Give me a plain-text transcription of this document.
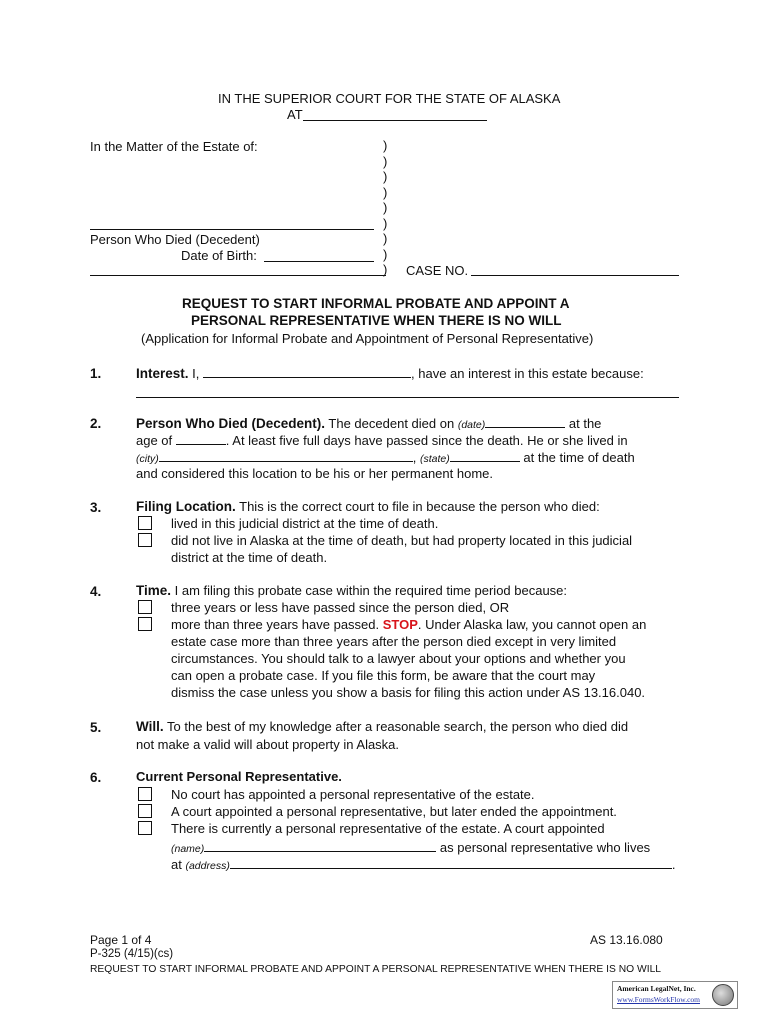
IN THE SUPERIOR COURT FOR THE STATE OF ALASKA
AT
In the Matter of the Estate of:
Person Who Died (Decedent)
Date of Birth:
)
)
)
)
)
)
)
)
) CASE NO.
REQUEST TO START INFORMAL PROBATE AND APPOINT A
PERSONAL REPRESENTATIVE WHEN THERE IS NO WILL
(Application for Informal Probate and Appointment of Personal Representative)
1.	Interest. I,	, have an interest in this estate because:
2.	Person Who Died (Decedent). The decedent died on (date)	at the
age of	. At least five full days have passed since the death. He or she lived in
(city)	, (state)	at the time of death
and considered this location to be his or her permanent home.
3.	Filing Location. This is the correct court to file in because the person who died:
lived in this judicial district at the time of death.
did not live in Alaska at the time of death, but had property located in this judicial
district at the time of death.
4.	Time. I am filing this probate case within the required time period because:
three years or less have passed since the person died, OR
more than three years have passed. STOP. Under Alaska law, you cannot open an
estate case more than three years after the person died except in very limited
circumstances. You should talk to a lawyer about your options and whether you
can open a probate case. If you file this form, be aware that the court may
dismiss the case unless you show a basis for filing this action under AS 13.16.040.
5.	Will. To the best of my knowledge after a reasonable search, the person who died did
not make a valid will about property in Alaska.
6.	Current Personal Representative.
No court has appointed a personal representative of the estate.
A court appointed a personal representative, but later ended the appointment.
There is currently a personal representative of the estate. A court appointed
(name)	as personal representative who lives
at (address)	.
Page 1 of 4	AS 13.16.080
P-325 (4/15)(cs)
REQUEST TO START INFORMAL PROBATE AND APPOINT A PERSONAL REPRESENTATIVE WHEN THERE IS NO WILL
American LegalNet, Inc.
www.FormsWorkFlow.com
